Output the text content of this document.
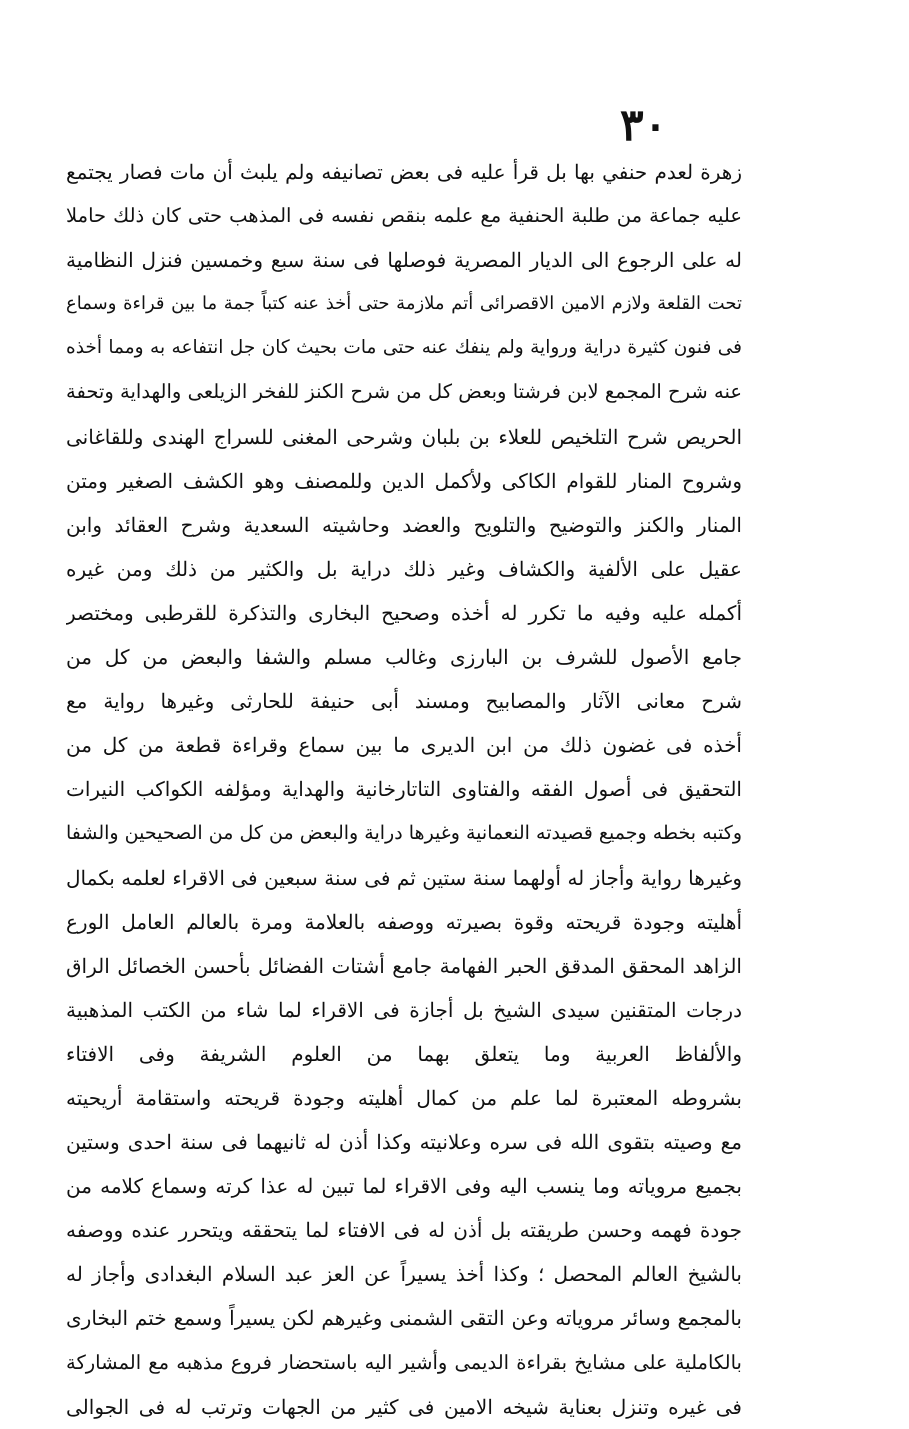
٣٠
زهرة لعدم حنفي بها بل قرأ عليه فى بعض تصانيفه ولم يلبث أن مات فصار يجتمع
عليه جماعة من طلبة الحنفية مع علمه بنقص نفسه فى المذهب حتى كان ذلك حاملا
له على الرجوع الى الديار المصرية فوصلها فى سنة سبع وخمسين فنزل النظامية
تحت القلعة ولازم الامين الاقصرائى أتم ملازمة حتى أخذ عنه كتباً جمة ما بين قراءة وسماع
فى فنون كثيرة دراية ورواية ولم ينفك عنه حتى مات بحيث كان جل انتفاعه به ومما أخذه
عنه شرح المجمع لابن فرشتا وبعض كل من شرح الكنز للفخر الزيلعى والهداية وتحفة
الحريص شرح التلخيص للعلاء بن بلبان وشرحى المغنى للسراج الهندى وللقاغانى
وشروح المنار للقوام الكاكى ولأكمل الدين وللمصنف وهو الكشف الصغير ومتن
المنار والكنز والتوضيح والتلويح والعضد وحاشيته السعدية وشرح العقائد وابن
عقيل على الألفية والكشاف وغير ذلك دراية بل والكثير من ذلك ومن غيره
أكمله عليه وفيه ما تكرر له أخذه وصحيح البخارى والتذكرة للقرطبى ومختصر
جامع الأصول للشرف بن البارزى وغالب مسلم والشفا والبعض من كل من
شرح معانى الآثار والمصابيح ومسند أبى حنيفة للحارثى وغيرها رواية مع
أخذه فى غضون ذلك من ابن الديرى ما بين سماع وقراءة قطعة من كل من
التحقيق فى أصول الفقه والفتاوى التاتارخانية والهداية ومؤلفه الكواكب النيرات
وكتبه بخطه وجميع قصيدته النعمانية وغيرها دراية والبعض من كل من الصحيحين والشفا
وغيرها رواية وأجاز له أولهما سنة ستين ثم فى سنة سبعين فى الاقراء لعلمه بكمال
أهليته وجودة قريحته وقوة بصيرته ووصفه بالعلامة ومرة بالعالم العامل الورع
الزاهد المحقق المدقق الحبر الفهامة جامع أشتات الفضائل بأحسن الخصائل الراق
درجات المتقنين سيدى الشيخ بل أجازة فى الاقراء لما شاء من الكتب المذهبية
والألفاظ العربية وما يتعلق بهما من العلوم الشريفة وفى الافتاء
بشروطه المعتبرة لما علم من كمال أهليته وجودة قريحته واستقامة أريحيته
مع وصيته بتقوى الله فى سره وعلانيته وكذا أذن له ثانيهما فى سنة احدى وستين
بجميع مروياته وما ينسب اليه وفى الاقراء لما تبين له عذا كرته وسماع كلامه من
جودة فهمه وحسن طريقته بل أذن له فى الافتاء لما يتحققه ويتحرر عنده ووصفه
بالشيخ العالم المحصل ؛ وكذا أخذ يسيراً عن العز عبد السلام البغدادى وأجاز له
بالمجمع وسائر مروياته وعن التقى الشمنى وغيرهم لكن يسيراً وسمع ختم البخارى
بالكاملية على مشايخ بقراءة الديمى وأشير اليه باستحضار فروع مذهبه مع المشاركة
فى غيره وتنزل بعناية شيخه الامين فى كثير من الجهات وترتب له فى الجوالى
